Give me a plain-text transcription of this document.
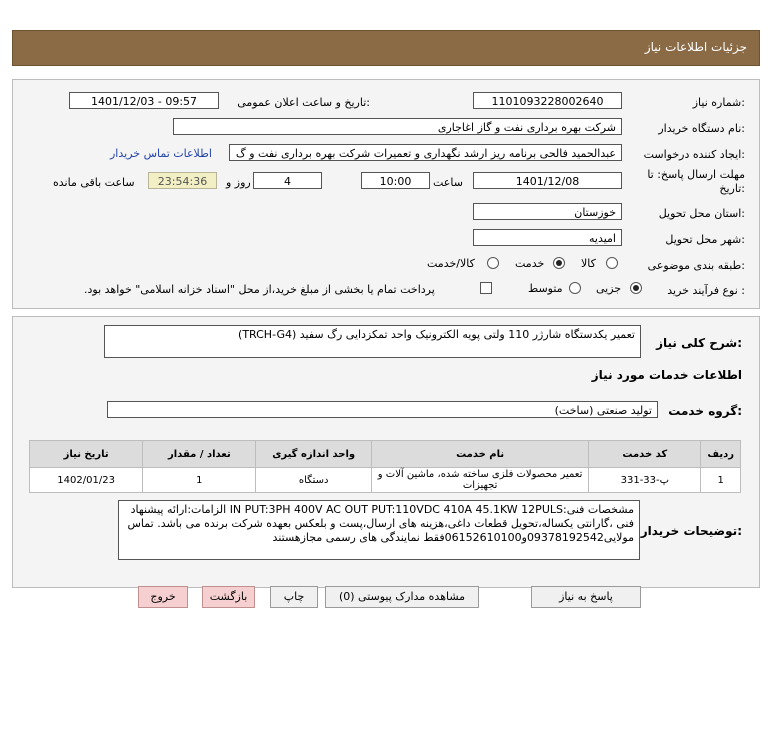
جزئیات اطلاعات نیاز
شماره نیاز:
1101093228002640
تاریخ و ساعت اعلان عمومی:
1401/12/03 - 09:57
نام دستگاه خریدار:
شرکت بهره برداری نفت و گاز اغاجاری
ایجاد کننده درخواست:
عبدالحمید فالحی برنامه ریز ارشد نگهداری و تعمیرات شرکت بهره برداری نفت و گ
اطلاعات تماس خریدار
مهلت ارسال پاسخ: تا
تاریخ:
1401/12/08
ساعت
10:00
4
روز و
23:54:36
ساعت باقی مانده
استان محل تحویل:
خوزستان
شهر محل تحویل:
امیدیه
طبقه بندی موضوعی:
کالا
خدمت
کالا/خدمت
نوع فرآیند خرید :
جزیی
متوسط
پرداخت تمام یا بخشی از مبلغ خرید،از محل "اسناد خزانه اسلامی" خواهد بود.
شرح کلی نیاز:
تعمیر یکدستگاه شارژر 110 ولتی پویه الکترونیک واحد تمکزدایی رگ سفید (TRCH-G4)
اطلاعات خدمات مورد نیاز
گروه خدمت:
تولید صنعتی (ساخت)
ردیف	کد خدمت	نام خدمت	واحد اندازه گیری	تعداد / مقدار	تاریخ نیاز
1	پ-33-331	تعمیر محصولات فلزی ساخته شده، ماشین آلات و تجهیزات	دستگاه	1	1402/01/23
توضیحات خریدار:
مشخصات فنی:IN PUT:3PH 400V AC OUT PUT:110VDC 410A 45.1KW 12PULS الزامات:ارائه پیشنهاد فنی ،گارانتی یکساله،تحویل قطعات داغی،هزینه های ارسال،پست و بلعکس بعهده شرکت برنده می باشد. تماس مولایی09378192542و06152610100فقط نمایندگی های رسمی مجازهستند
پاسخ به نیاز
مشاهده مدارک پیوستی (0)
چاپ
بازگشت
خروج
